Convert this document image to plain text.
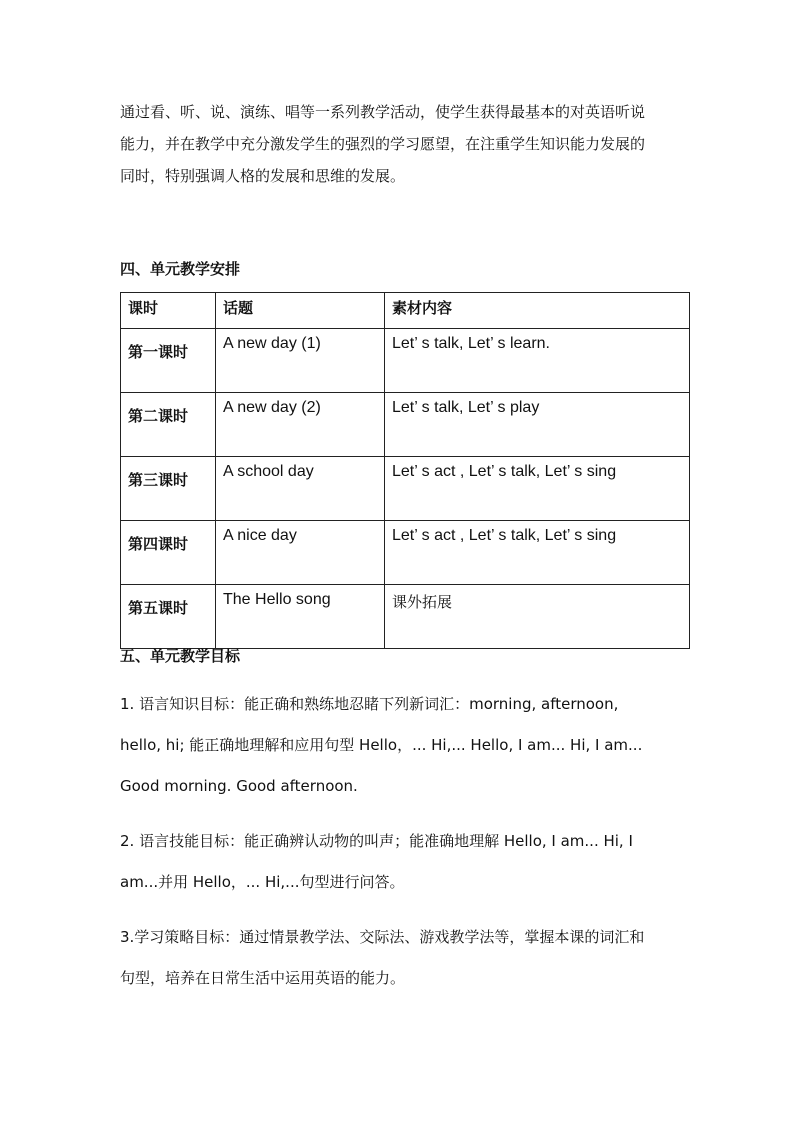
通过看、听、说、演练、唱等一系列教学活动，使学生获得最基本的对英语听说
能力，并在教学中充分激发学生的强烈的学习愿望，在注重学生知识能力发展的
同时，特别强调人格的发展和思维的发展。

四、单元教学安排
课时	话题	素材内容
第一课时	A new day (1)	Let’ s talk, Let’ s learn.
第二课时	A new day (2)	Let’ s talk, Let’ s play
第三课时	A school day	Let’ s act , Let’ s talk, Let’ s sing
第四课时	A nice day	Let’ s act , Let’ s talk, Let’ s sing
第五课时	The Hello song	课外拓展
五、单元教学目标

1. 语言知识目标：能正确和熟练地忍睹下列新词汇：morning, afternoon,
hello, hi; 能正确地理解和应用句型 Hello，... Hi,... Hello, I am... Hi, I am...
Good morning. Good afternoon.

2. 语言技能目标：能正确辨认动物的叫声；能准确地理解 Hello, I am... Hi, I
am...并用 Hello，... Hi,...句型进行问答。

3.学习策略目标：通过情景教学法、交际法、游戏教学法等，掌握本课的词汇和
句型，培养在日常生活中运用英语的能力。
